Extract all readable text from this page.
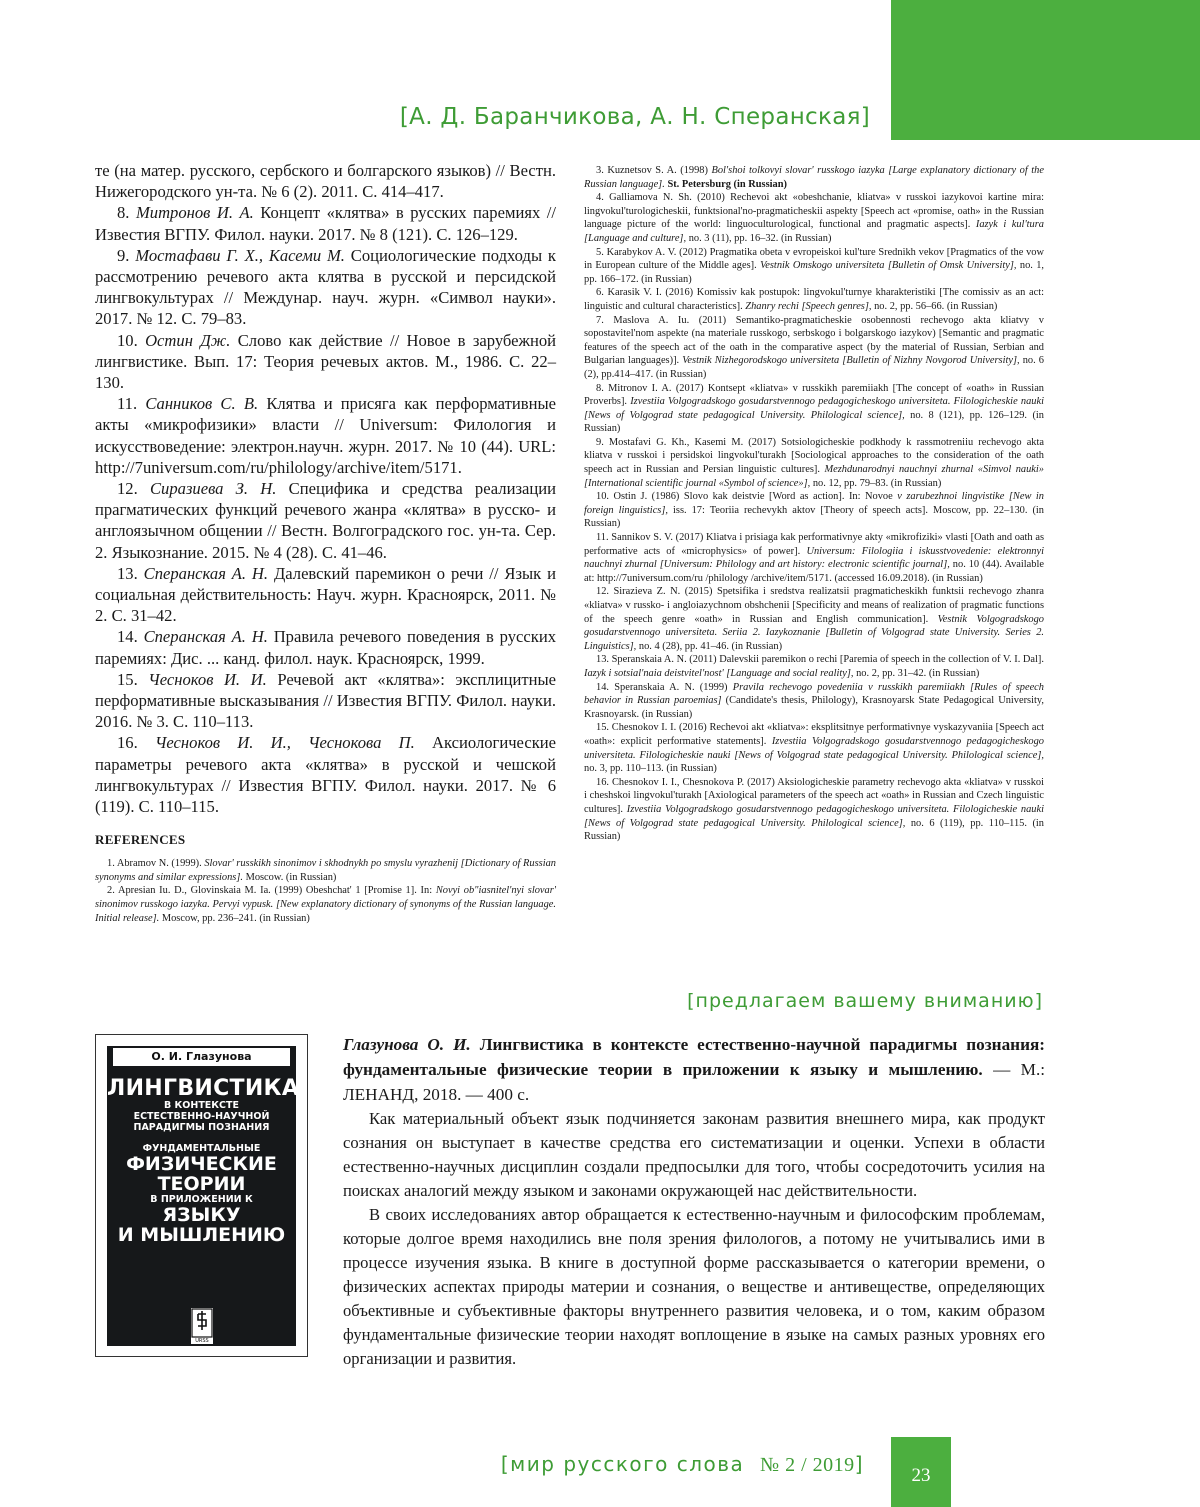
[А. Д. Баранчикова, А. Н. Сперанская]

те (на матер. русского, сербского и болгарского языков) // Вестн. Нижегородского ун-та. № 6 (2). 2011. С. 414–417.

8. Митронов И. А. Концепт «клятва» в русских паремиях // Известия ВГПУ. Филол. науки. 2017. № 8 (121). С. 126–129.

9. Мостафави Г. Х., Касеми М. Социологические подходы к рассмотрению речевого акта клятва в русской и персидской лингвокультурах // Междунар. науч. журн. «Символ науки». 2017. № 12. С. 79–83.

10. Остин Дж. Слово как действие // Новое в зарубежной лингвистике. Вып. 17: Теория речевых актов. М., 1986. С. 22–130.

11. Санников С. В. Клятва и присяга как перформативные акты «микрофизики» власти // Universum: Филология и искусствоведение: электрон.научн. журн. 2017. № 10 (44). URL: http://7universum.com/ru/philology/archive/item/5171.

12. Сиразиева З. Н. Специфика и средства реализации прагматических функций речевого жанра «клятва» в русско- и англоязычном общении // Вестн. Волгоградского гос. ун-та. Сер. 2. Языкознание. 2015. № 4 (28). С. 41–46.

13. Сперанская А. Н. Далевский паремикон о речи // Язык и социальная действительность: Науч. журн. Красноярск, 2011. № 2. С. 31–42.

14. Сперанская А. Н. Правила речевого поведения в русских паремиях: Дис. ... канд. филол. наук. Красноярск, 1999.

15. Чесноков И. И. Речевой акт «клятва»: эксплицитные перформативные высказывания // Известия ВГПУ. Филол. науки. 2016. № 3. С. 110–113.

16. Чесноков И. И., Чеснокова П. Аксиологические параметры речевого акта «клятва» в русской и чешской лингвокультурах // Известия ВГПУ. Филол. науки. 2017. № 6 (119). С. 110–115.

REFERENCES

1. Abramov N. (1999). Slovar' russkikh sinonimov i skhodnykh po smyslu vyrazhenij [Dictionary of Russian synonyms and similar expressions]. Moscow. (in Russian)

2. Apresian Iu. D., Glovinskaia M. Ia. (1999) Obeshchat' 1 [Promise 1]. In: Novyi ob"iasnitel'nyi slovar' sinonimov russkogo iazyka. Pervyi vypusk. [New explanatory dictionary of synonyms of the Russian language. Initial release]. Moscow, pp. 236–241. (in Russian)

3. Kuznetsov S. A. (1998) Bol'shoi tolkovyi slovar' russkogo iazyka [Large explanatory dictionary of the Russian language]. St. Petersburg (in Russian)

4. Galliamova N. Sh. (2010) Rechevoi akt «obeshchanie, kliatva» v russkoi iazykovoi kartine mira: lingvokul'turologicheskii, funktsional'no-pragmaticheskii aspekty [Speech act «promise, oath» in the Russian language picture of the world: linguoculturological, functional and pragmatic aspects]. Iazyk i kul'tura [Language and culture], no. 3 (11), pp. 16–32. (in Russian)

5. Karabykov A. V. (2012) Pragmatika obeta v evropeiskoi kul'ture Srednikh vekov [Pragmatics of the vow in European culture of the Middle ages]. Vestnik Omskogo universiteta [Bulletin of Omsk University], no. 1, pp. 166–172. (in Russian)

6. Karasik V. I. (2016) Komissiv kak postupok: lingvokul'turnye kharakteristiki [The comissiv as an act: linguistic and cultural characteristics]. Zhanry rechi [Speech genres], no. 2, pp. 56–66. (in Russian)

7. Maslova A. Iu. (2011) Semantiko-pragmaticheskie osobennosti rechevogo akta kliatvy v sopostavitel'nom aspekte (na materiale russkogo, serbskogo i bolgarskogo iazykov) [Semantic and pragmatic features of the speech act of the oath in the comparative aspect (by the material of Russian, Serbian and Bulgarian languages)]. Vestnik Nizhegorodskogo universiteta [Bulletin of Nizhny Novgorod University], no. 6 (2), pp.414–417. (in Russian)

8. Mitronov I. A. (2017) Kontsept «kliatva» v russkikh paremiiakh [The concept of «oath» in Russian Proverbs]. Izvestiia Volgogradskogo gosudarstvennogo pedagogicheskogo universiteta. Filologicheskie nauki [News of Volgograd state pedagogical University. Philological science], no. 8 (121), pp. 126–129. (in Russian)

9. Mostafavi G. Kh., Kasemi M. (2017) Sotsiologicheskie podkhody k rassmotreniiu rechevogo akta kliatva v russkoi i persidskoi lingvokul'turakh [Sociological approaches to the consideration of the oath speech act in Russian and Persian linguistic cultures]. Mezhdunarodnyi nauchnyi zhurnal «Simvol nauki» [International scientific journal «Symbol of science»], no. 12, pp. 79–83. (in Russian)

10. Ostin J. (1986) Slovo kak deistvie [Word as action]. In: Novoe v zarubezhnoi lingvistike [New in foreign linguistics], iss. 17: Teoriia rechevykh aktov [Theory of speech acts]. Moscow, pp. 22–130. (in Russian)

11. Sannikov S. V. (2017) Kliatva i prisiaga kak performativnye akty «mikrofiziki» vlasti [Oath and oath as performative acts of «microphysics» of power]. Universum: Filologiia i iskusstvovedenie: elektronnyi nauchnyi zhurnal [Universum: Philology and art history: electronic scientific journal], no. 10 (44). Available at: http://7universum.com/ru /philology /archive/item/5171. (accessed 16.09.2018). (in Russian)

12. Sirazieva Z. N. (2015) Spetsifika i sredstva realizatsii pragmaticheskikh funktsii rechevogo zhanra «kliatva» v russko- i angloiazychnom obshchenii [Specificity and means of realization of pragmatic functions of the speech genre «oath» in Russian and English communication]. Vestnik Volgogradskogo gosudarstvennogo universiteta. Seriia 2. Iazykoznanie [Bulletin of Volgograd state University. Series 2. Linguistics], no. 4 (28), pp. 41–46. (in Russian)

13. Speranskaia A. N. (2011) Dalevskii paremikon o rechi [Paremia of speech in the collection of V. I. Dal]. Iazyk i sotsial'naia deistvitel'nost' [Language and social reality], no. 2, pp. 31–42. (in Russian)

14. Speranskaia A. N. (1999) Pravila rechevogo povedeniia v russkikh paremiiakh [Rules of speech behavior in Russian paroemias] (Candidate's thesis, Philology), Krasnoyarsk State Pedagogical University, Krasnoyarsk. (in Russian)

15. Chesnokov I. I. (2016) Rechevoi akt «kliatva»: eksplitsitnye performativnye vyskazyvaniia [Speech act «oath»: explicit performative statements]. Izvestiia Volgogradskogo gosudarstvennogo pedagogicheskogo universiteta. Filologicheskie nauki [News of Volgograd state pedagogical University. Philological science], no. 3, pp. 110–113. (in Russian)

16. Chesnokov I. I., Chesnokova P. (2017) Aksiologicheskie parametry rechevogo akta «kliatva» v russkoi i cheshskoi lingvokul'turakh [Axiological parameters of the speech act «oath» in Russian and Czech linguistic cultures]. Izvestiia Volgogradskogo gosudarstvennogo pedagogicheskogo universiteta. Filologicheskie nauki [News of Volgograd state pedagogical University. Philological science], no. 6 (119), pp. 110–115. (in Russian)

[предлагаем вашему вниманию]
О. И. Глазунова
ЛИНГВИСТИКА
В КОНТЕКСТЕ
ЕСТЕСТВЕННО-НАУЧНОЙ
ПАРАДИГМЫ ПОЗНАНИЯ
ФУНДАМЕНТАЛЬНЫЕ
ФИЗИЧЕСКИЕ
ТЕОРИИ
В ПРИЛОЖЕНИИ К
ЯЗЫКУ
И МЫШЛЕНИЮ
URSS

Глазунова О. И. Лингвистика в контексте естественно-научной парадигмы познания: фундаментальные физические теории в приложении к языку и мышлению. — М.: ЛЕНАНД, 2018. — 400 с.

Как материальный объект язык подчиняется законам развития внешнего мира, как продукт сознания он выступает в качестве средства его систематизации и оценки. Успехи в области естественно-научных дисциплин создали предпосылки для того, чтобы сосредоточить усилия на поисках аналогий между языком и законами окружающей нас действительности.

В своих исследованиях автор обращается к естественно-научным и философским проблемам, которые долгое время находились вне поля зрения филологов, а потому не учитывались ими в процессе изучения языка. В книге в доступной форме рассказывается о категории времени, о физических аспектах природы материи и сознания, о веществе и антивеществе, определяющих объективные и субъективные факторы внутреннего развития человека, и о том, каким образом фундаментальные физические теории находят воплощение в языке на самых разных уровнях его организации и развития.

[мир русского слова № 2 / 2019]	23
